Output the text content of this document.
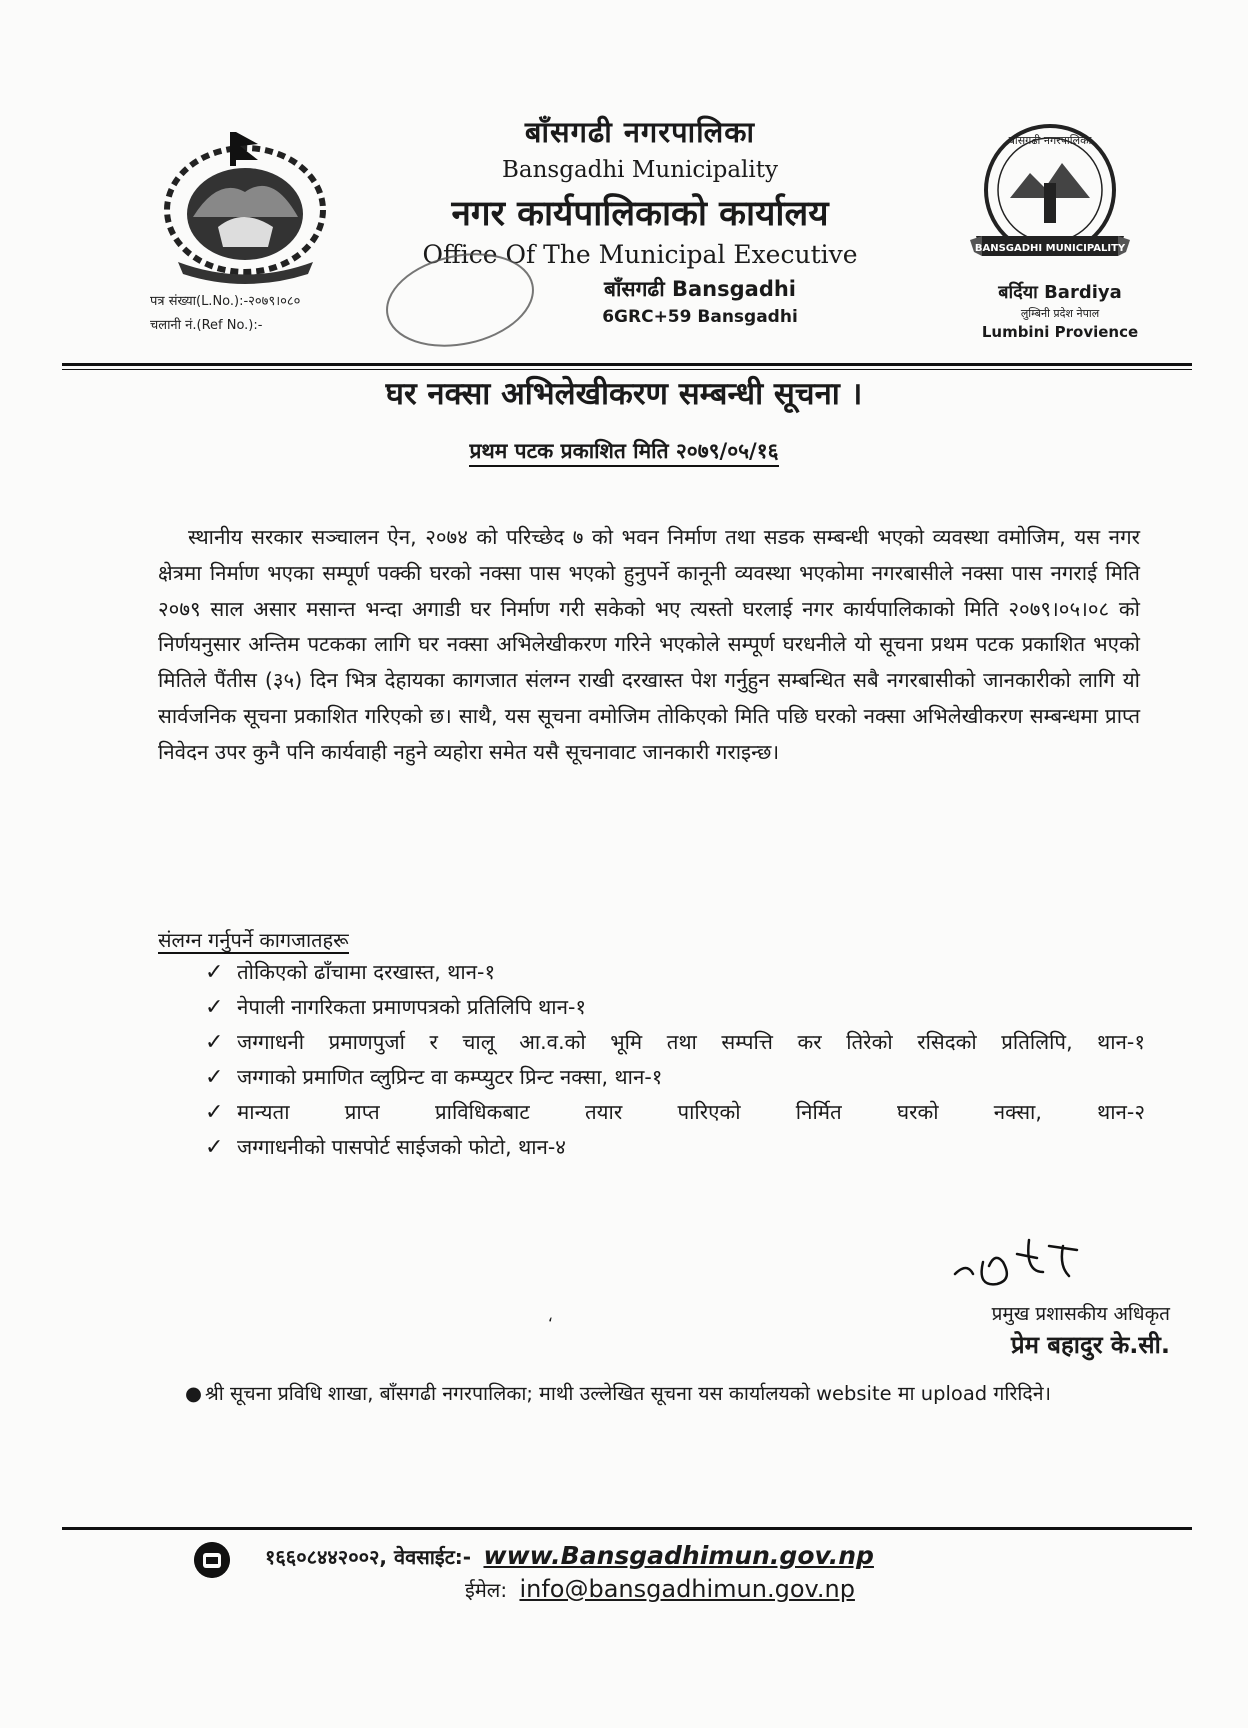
बाँसगढी नगरपालिका
Bansgadhi Municipality
नगर कार्यपालिकाको कार्यालय
Office Of The Municipal Executive
बाँसगढी Bansgadhi
6GRC+59 Bansgadhi
पत्र संख्या(L.No.):-२०७९।०८०
चलानी नं.(Ref No.):-
BANSGADHI MUNICIPALITY
बाँसगढी नगरपालिका
बर्दिया Bardiya
लुम्बिनी प्रदेश नेपाल
Lumbini Provience
घर नक्सा अभिलेखीकरण सम्बन्धी सूचना ।
प्रथम पटक प्रकाशित मिति २०७९/०५/१६
स्थानीय सरकार सञ्चालन ऐन, २०७४ को परिच्छेद ७ को भवन निर्माण तथा सडक सम्बन्धी भएको व्यवस्था वमोजिम, यस नगर क्षेत्रमा निर्माण भएका सम्पूर्ण पक्की घरको नक्सा पास भएको हुनुपर्ने कानूनी व्यवस्था भएकोमा नगरबासीले नक्सा पास नगराई मिति २०७९ साल असार मसान्त भन्दा अगाडी घर निर्माण गरी सकेको भए त्यस्तो घरलाई नगर कार्यपालिकाको मिति २०७९।०५।०८ को निर्णयनुसार अन्तिम पटकका लागि घर नक्सा अभिलेखीकरण गरिने भएकोले सम्पूर्ण घरधनीले यो सूचना प्रथम पटक प्रकाशित भएको मितिले पैंतीस (३५) दिन भित्र देहायका कागजात संलग्न राखी दरखास्त पेश गर्नुहुन सम्बन्धित सबै नगरबासीको जानकारीको लागि यो सार्वजनिक सूचना प्रकाशित गरिएको छ। साथै, यस सूचना वमोजिम तोकिएको मिति पछि घरको नक्सा अभिलेखीकरण सम्बन्धमा प्राप्त निवेदन उपर कुनै पनि कार्यवाही नहुने व्यहोरा समेत यसै सूचनावाट जानकारी गराइन्छ।
संलग्न गर्नुपर्ने कागजातहरू
✓ तोकिएको ढाँचामा दरखास्त, थान-१
✓ नेपाली नागरिकता प्रमाणपत्रको प्रतिलिपि थान-१
✓ जग्गाधनी प्रमाणपुर्जा र चालू आ.व.को भूमि तथा सम्पत्ति कर तिरेको रसिदको प्रतिलिपि, थान-१
✓ जग्गाको प्रमाणित व्लुप्रिन्ट वा कम्प्युटर प्रिन्ट नक्सा, थान-१
✓ मान्यता प्राप्त प्राविधिकबाट तयार पारिएको निर्मित घरको नक्सा, थान-२
✓ जग्गाधनीको पासपोर्ट साईजको फोटो, थान-४
‘	प्रमुख प्रशासकीय अधिकृत
प्रेम बहादुर के.सी.
● श्री सूचना प्रविधि शाखा, बाँसगढी नगरपालिका; माथी उल्लेखित सूचना यस कार्यालयको website मा upload गरिदिने।
१६६०८४४२००२, वेवसाईट:- www.Bansgadhimun.gov.np
ईमेल: info@bansgadhimun.gov.np
